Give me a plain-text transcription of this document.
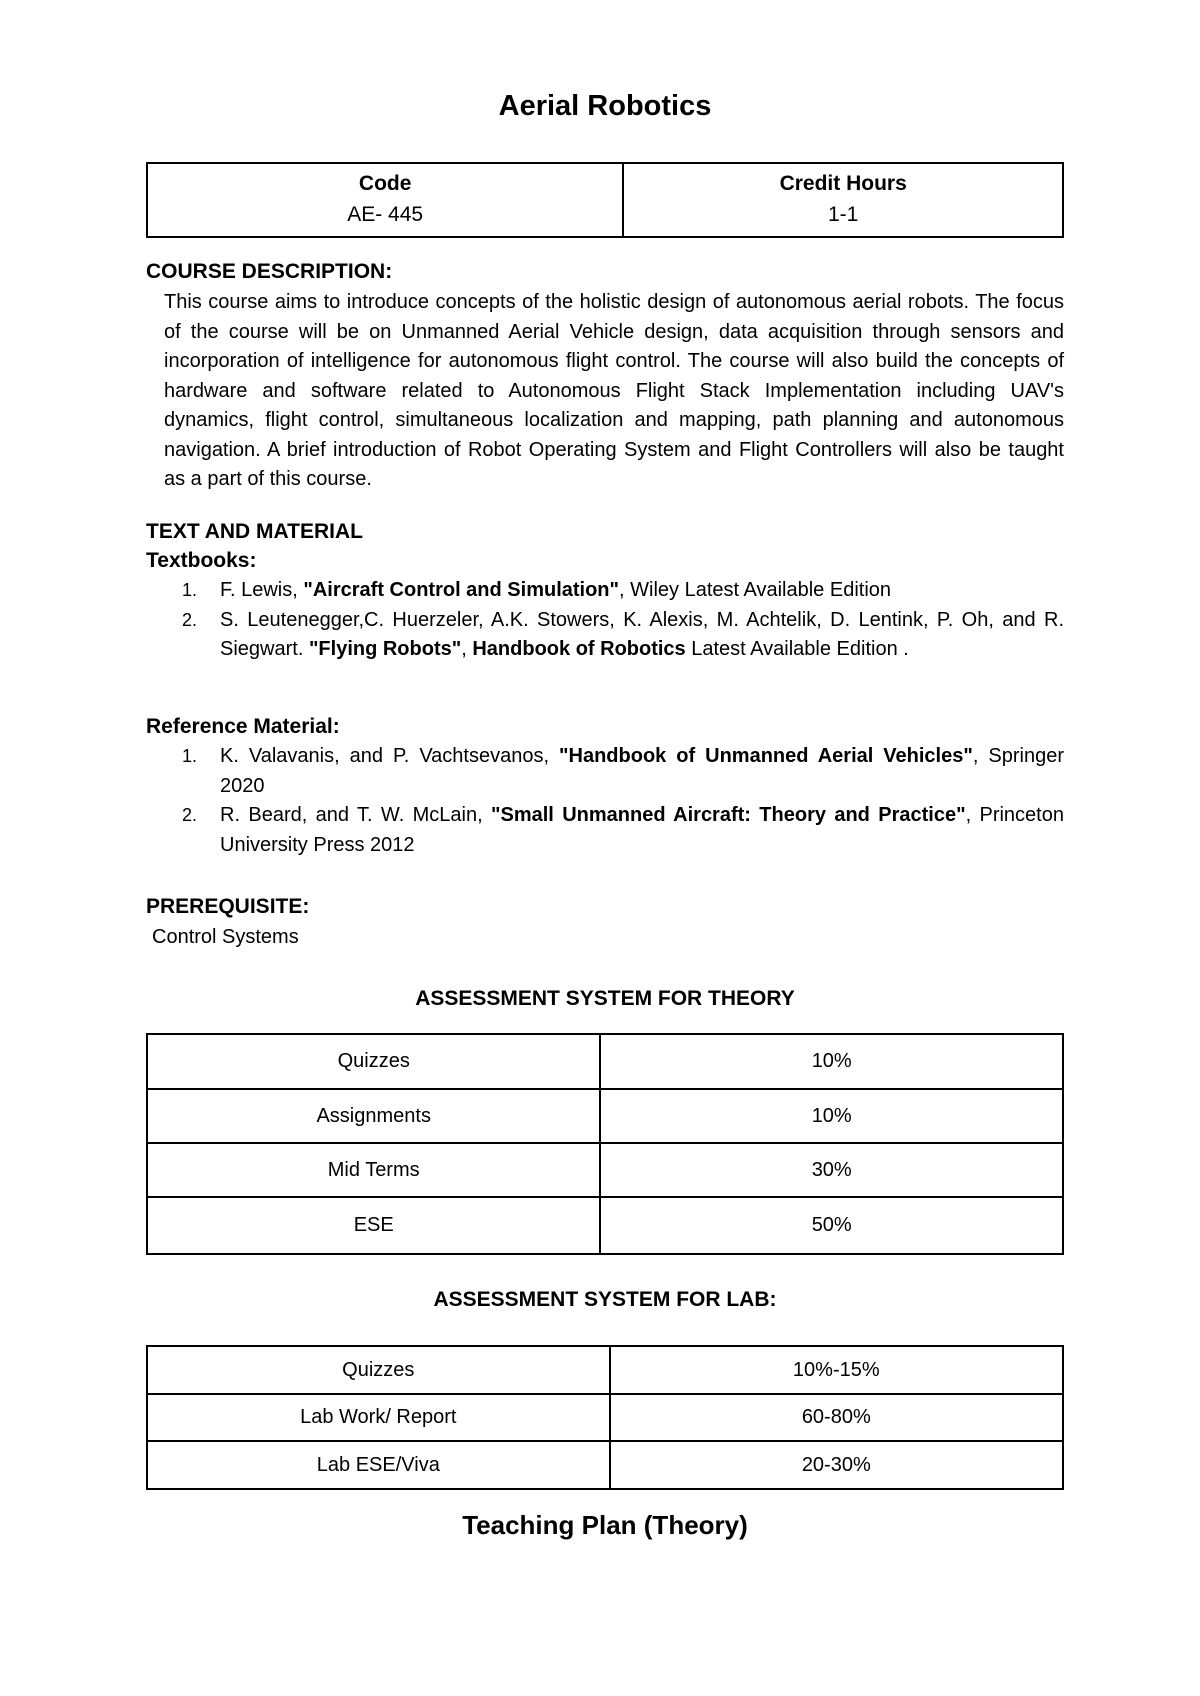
Aerial Robotics
Code
AE- 445

Credit Hours
1-1

COURSE DESCRIPTION:

This course aims to introduce concepts of the holistic design of autonomous aerial robots. The focus of the course will be on Unmanned Aerial Vehicle design, data acquisition through sensors and incorporation of intelligence for autonomous flight control. The course will also build the concepts of hardware and software related to Autonomous Flight Stack Implementation including UAV's dynamics, flight control, simultaneous localization and mapping, path planning and autonomous navigation. A brief introduction of Robot Operating System and Flight Controllers will also be taught as a part of this course.

TEXT AND MATERIAL

Textbooks:

1. F. Lewis, "Aircraft Control and Simulation", Wiley Latest Available Edition
2. S. Leutenegger,C. Huerzeler, A.K. Stowers, K. Alexis, M. Achtelik, D. Lentink, P. Oh, and R. Siegwart. "Flying Robots", Handbook of Robotics Latest Available Edition .

Reference Material:

1. K. Valavanis, and P. Vachtsevanos, "Handbook of Unmanned Aerial Vehicles", Springer 2020
2. R. Beard, and T. W. McLain, "Small Unmanned Aircraft: Theory and Practice", Princeton University Press 2012

PREREQUISITE:

Control Systems

ASSESSMENT SYSTEM FOR THEORY

Quizzes	10%
Assignments	10%
Mid Terms	30%
ESE	50%

ASSESSMENT SYSTEM FOR LAB:

Quizzes	10%-15%
Lab Work/ Report	60-80%
Lab ESE/Viva	20-30%
Teaching Plan (Theory)
